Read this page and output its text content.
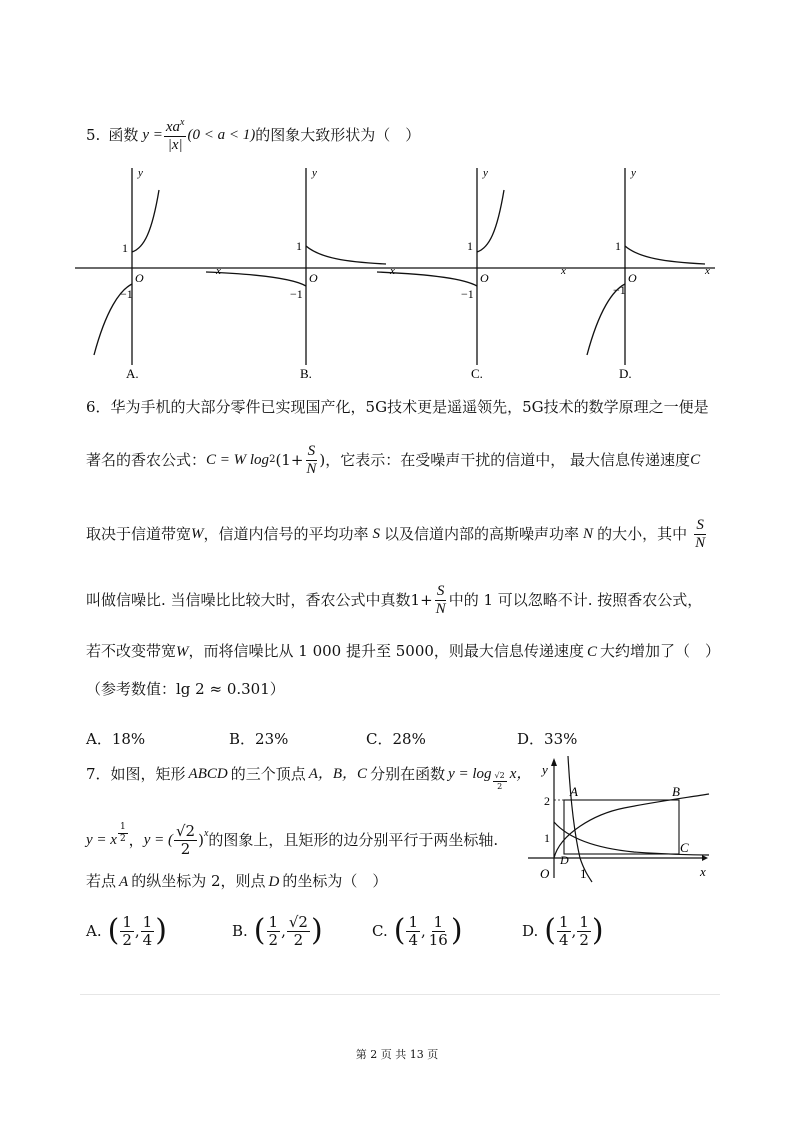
5. 函数 $y = \frac{xa^x}{|x|} (0 < a < 1)$ 的图象大致形状为（　）
y
1
−1
O	x
A.
y
1
−1
O	x
B.
y
1
−1
O	x
C.
y
1
−1
O	x
D.
6．华为手机的大部分零件已实现国产化，5G技术更是遥遥领先，5G技术的数学原理之一便是
著名的香农公式： C = W log 2 ($1+ \frac{S}{N}$ ) ，它表示：在受噪声干扰的信道中， 最大信息传递速度 C
取决于信道带宽 W ，信道内信号的平均功率 S 以及信道内部的高斯噪声功率 N 的大小，其中 $\frac{S}{N}$
叫做信噪比. 当信噪比比较大时，香农公式中真数 $1+ \frac{S}{N}$ 中的 1 可以忽略不计. 按照香农公式，
若不改变带宽W，而将信噪比从 1 000 提升至 5000，则最大信息传递速度 C 大约增加了（　）
（参考数值：lg 2 ≈ 0.301）
A．18%	B．23%	C．28%	D．33%
7．如图，矩形 ABCD 的三个顶点 A，B，C 分别在函数 $y = \log \frac{√2}{2}$ x，
y = x $\frac{1}{2}$ ， y = ( $\frac{√2}{2} )^x$ 的图象上，且矩形的边分别平行于两坐标轴.
若点 A 的纵坐标为 2，则点 D 的坐标为（　）
y
x
O 1
1
2
A	B
C
D
A. ( $\frac{1}{2}$ , $\frac{1}{4}$ )	B. ( $\frac{1}{2}$ , $\frac{√2}{2}$ )	C. ( $\frac{1}{4}$ , $\frac{1}{16}$ )	D. ( $\frac{1}{4}$ , $\frac{1}{2}$ )
第 2 页 共 13 页
